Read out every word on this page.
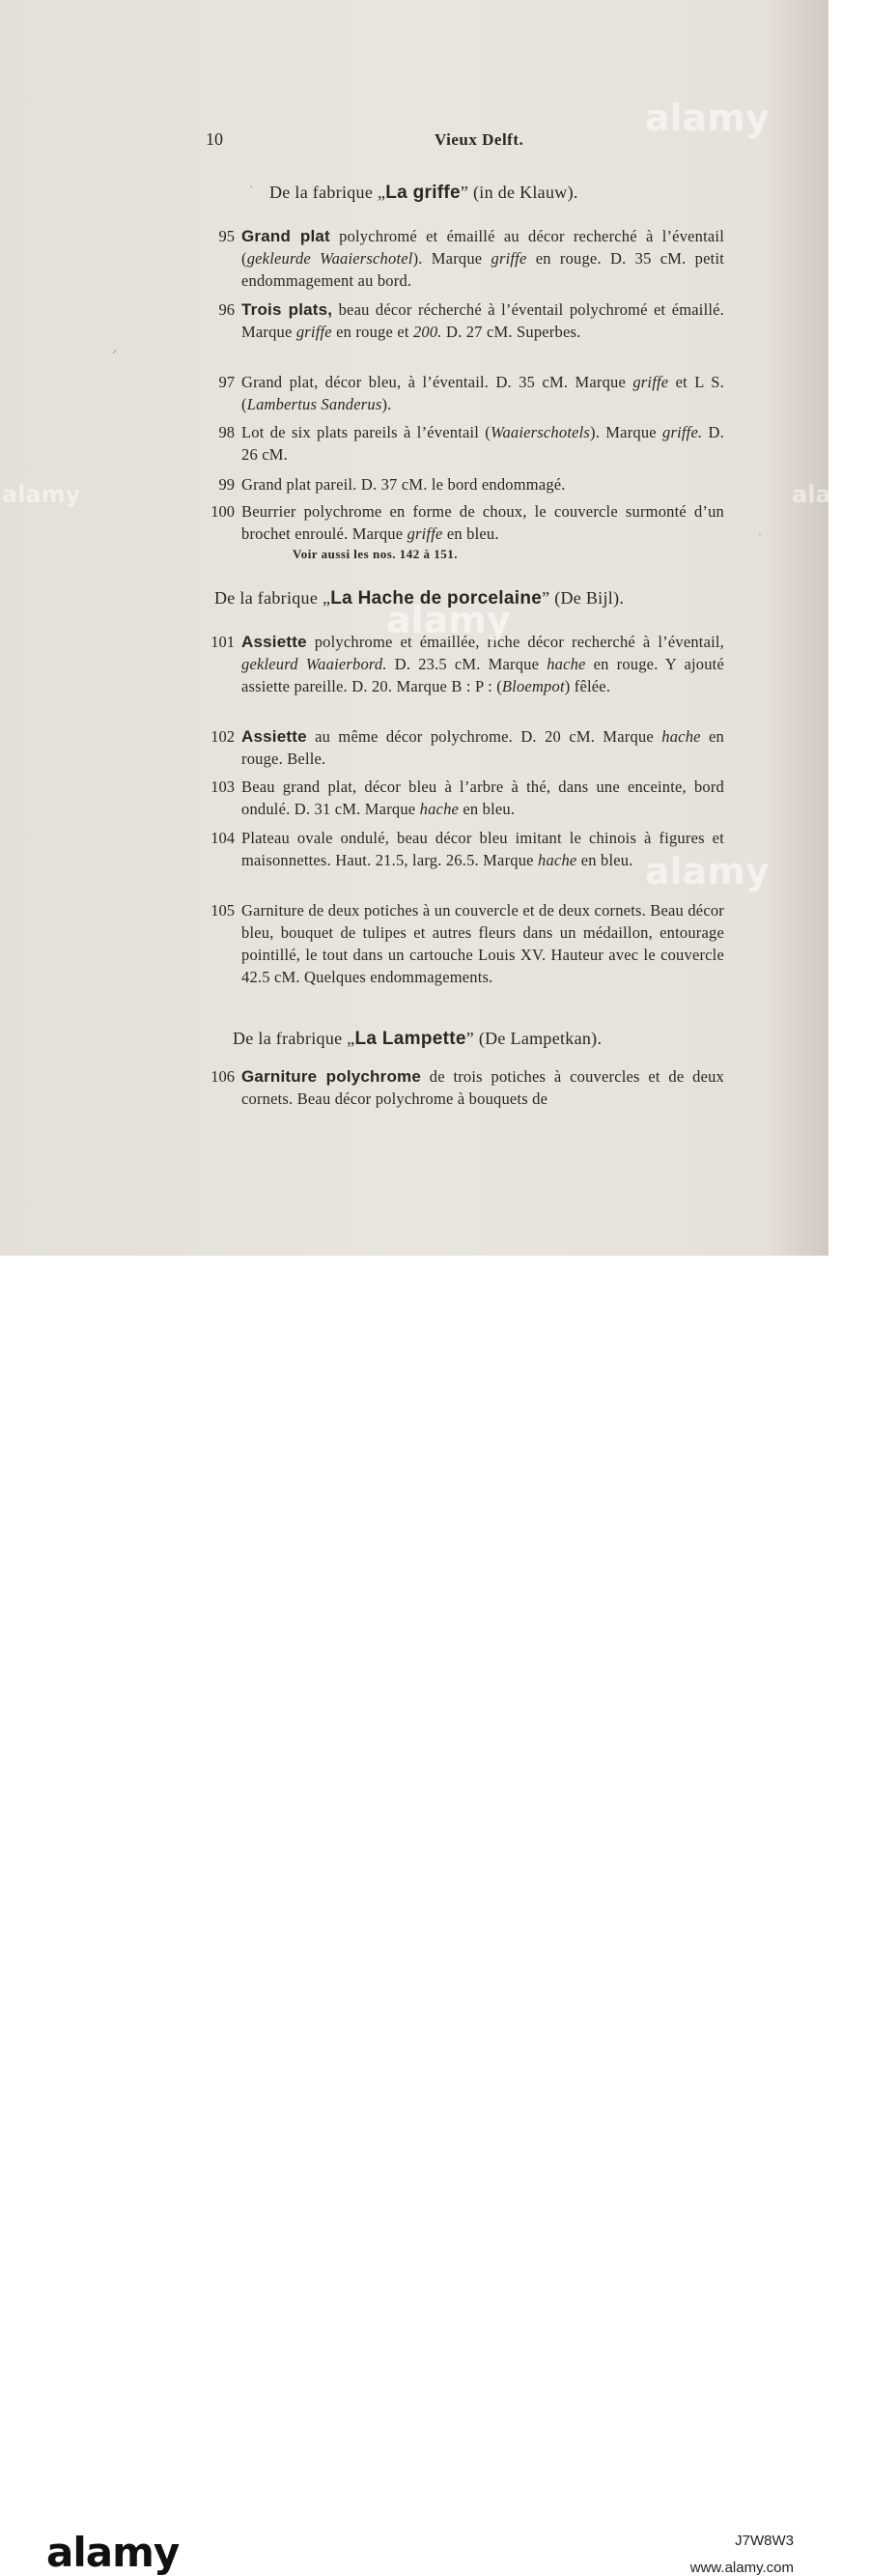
10	Vieux Delft.
De la fabrique „La griffe” (in de Klauw).
95 Grand plat polychromé et émaillé au décor recherché à l’éventail (gekleurde Waaierschotel). Marque griffe en rouge. D. 35 cM. petit endommagement au bord.
96 Trois plats, beau décor récherché à l’éventail polychromé et émaillé. Marque griffe en rouge et 200. D. 27 cM. Superbes.
97 Grand plat, décor bleu, à l’éventail. D. 35 cM. Marque griffe et L S. (Lambertus Sanderus).
98 Lot de six plats pareils à l’éventail (Waaierschotels). Marque griffe. D. 26 cM.
99 Grand plat pareil. D. 37 cM. le bord endommagé.
100 Beurrier polychrome en forme de choux, le couvercle surmonté d’un brochet enroulé. Marque griffe en bleu.
Voir aussi les nos. 142 à 151.
De la fabrique „La Hache de porcelaine” (De Bijl).
101 Assiette polychrome et émaillée, riche décor recherché à l’éventail, gekleurd Waaierbord. D. 23.5 cM. Marque hache en rouge. Y ajouté assiette pareille. D. 20. Marque B : P : (Bloempot) fêlée.
102 Assiette au même décor polychrome. D. 20 cM. Marque hache en rouge. Belle.
103 Beau grand plat, décor bleu à l’arbre à thé, dans une enceinte, bord ondulé. D. 31 cM. Marque hache en bleu.
104 Plateau ovale ondulé, beau décor bleu imitant le chinois à figures et maisonnettes. Haut. 21.5, larg. 26.5. Marque hache en bleu.
105 Garniture de deux potiches à un couvercle et de deux cornets. Beau décor bleu, bouquet de tulipes et autres fleurs dans un médaillon, entourage pointillé, le tout dans un cartouche Louis XV. Hauteur avec le couvercle 42.5 cM. Quelques endommagements.
De la frabrique „La Lampette” (De Lampetkan).
106 Garniture polychrome de trois potiches à couvercles et de deux cornets. Beau décor polychrome à bouquets de
·
⸝
·
alamy
alamy
alamy
alamy	alamy
alamy	J7W8W3
www.alamy.com
